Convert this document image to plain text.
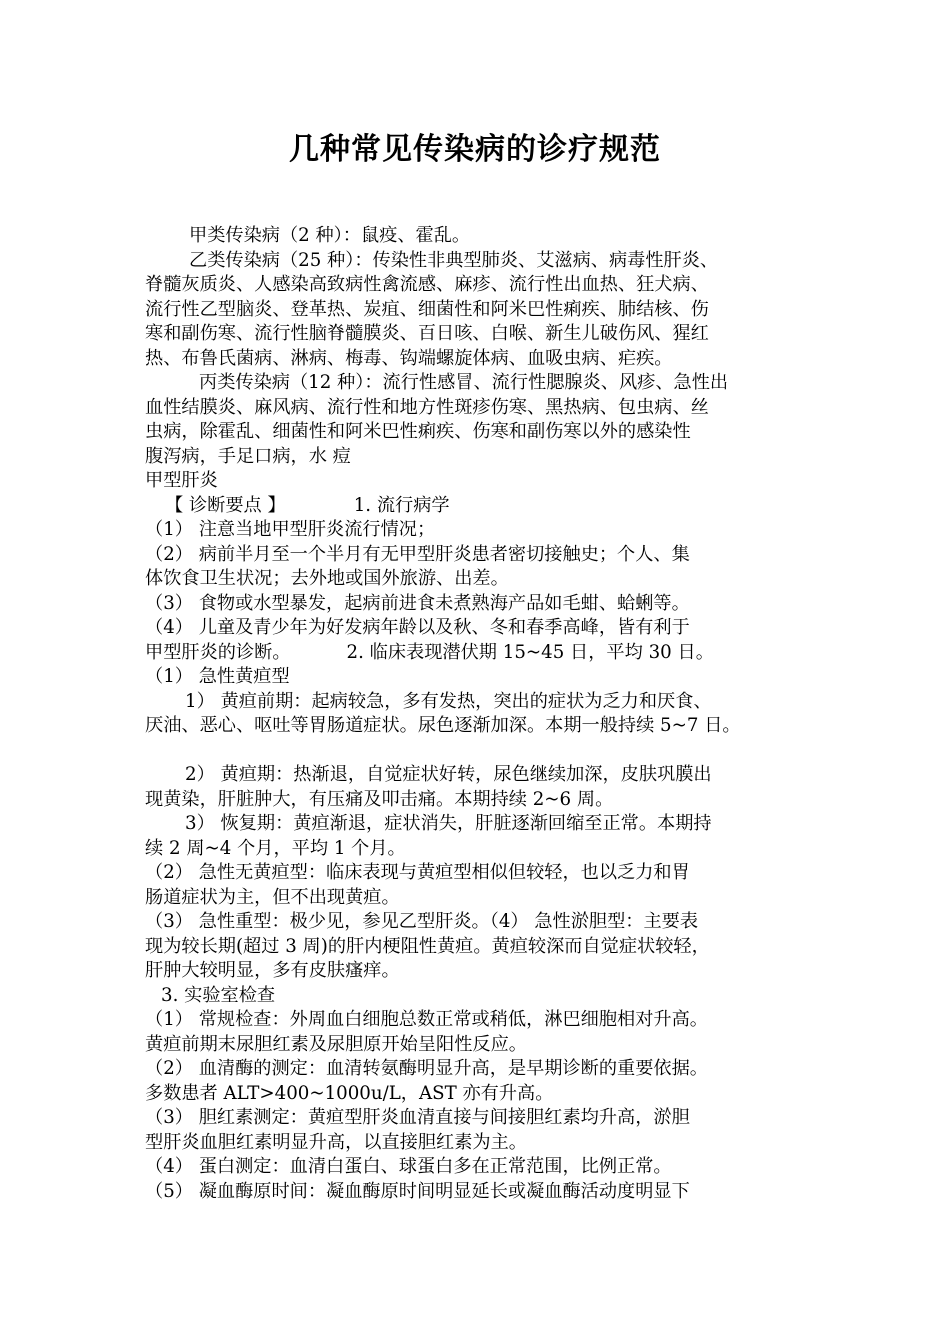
几种常见传染病的诊疗规范
甲类传染病（2 种）：鼠疫、霍乱。
乙类传染病（25 种）：传染性非典型肺炎、艾滋病、病毒性肝炎、
脊髓灰质炎、人感染高致病性禽流感、麻疹、流行性出血热、狂犬病、
流行性乙型脑炎、登革热、炭疽、细菌性和阿米巴性痢疾、肺结核、伤
寒和副伤寒、流行性脑脊髓膜炎、百日咳、白喉、新生儿破伤风、猩红
热、布鲁氏菌病、淋病、梅毒、钩端螺旋体病、血吸虫病、疟疾。
丙类传染病（12 种）：流行性感冒、流行性腮腺炎、风疹、急性出
血性结膜炎、麻风病、流行性和地方性斑疹伤寒、黑热病、包虫病、丝
虫病，除霍乱、细菌性和阿米巴性痢疾、伤寒和副伤寒以外的感染性
腹泻病，手足口病，水 痘
甲型肝炎
【 诊断要点 】	1. 流行病学
（1） 注意当地甲型肝炎流行情况；
（2） 病前半月至一个半月有无甲型肝炎患者密切接触史；个人、集
体饮食卫生状况；去外地或国外旅游、出差。
（3） 食物或水型暴发，起病前进食未煮熟海产品如毛蚶、蛤蜊等。
（4） 儿童及青少年为好发病年龄以及秋、冬和春季高峰，皆有利于
甲型肝炎的诊断。	2. 临床表现潜伏期 15~45 日，平均 30 日。
（1） 急性黄疸型
1） 黄疸前期：起病较急，多有发热，突出的症状为乏力和厌食、
厌油、恶心、呕吐等胃肠道症状。尿色逐渐加深。本期一般持续 5~7 日。
2） 黄疸期：热渐退，自觉症状好转，尿色继续加深，皮肤巩膜出
现黄染，肝脏肿大，有压痛及叩击痛。本期持续 2~6 周。
3） 恢复期：黄疸渐退，症状消失，肝脏逐渐回缩至正常。本期持
续 2 周~4 个月，平均 1 个月。
（2） 急性无黄疸型：临床表现与黄疸型相似但较轻，也以乏力和胃
肠道症状为主，但不出现黄疸。
（3） 急性重型：极少见，参见乙型肝炎。（4） 急性淤胆型：主要表
现为较长期(超过 3 周)的肝内梗阻性黄疸。黄疸较深而自觉症状较轻，
肝肿大较明显，多有皮肤瘙痒。
3. 实验室检查
（1） 常规检查：外周血白细胞总数正常或稍低，淋巴细胞相对升高。
黄疸前期末尿胆红素及尿胆原开始呈阳性反应。
（2） 血清酶的测定：血清转氨酶明显升高，是早期诊断的重要依据。
多数患者 ALT>400~1000u/L，AST 亦有升高。
（3） 胆红素测定：黄疸型肝炎血清直接与间接胆红素均升高，淤胆
型肝炎血胆红素明显升高，以直接胆红素为主。
（4） 蛋白测定：血清白蛋白、球蛋白多在正常范围，比例正常。
（5） 凝血酶原时间：凝血酶原时间明显延长或凝血酶活动度明显下
